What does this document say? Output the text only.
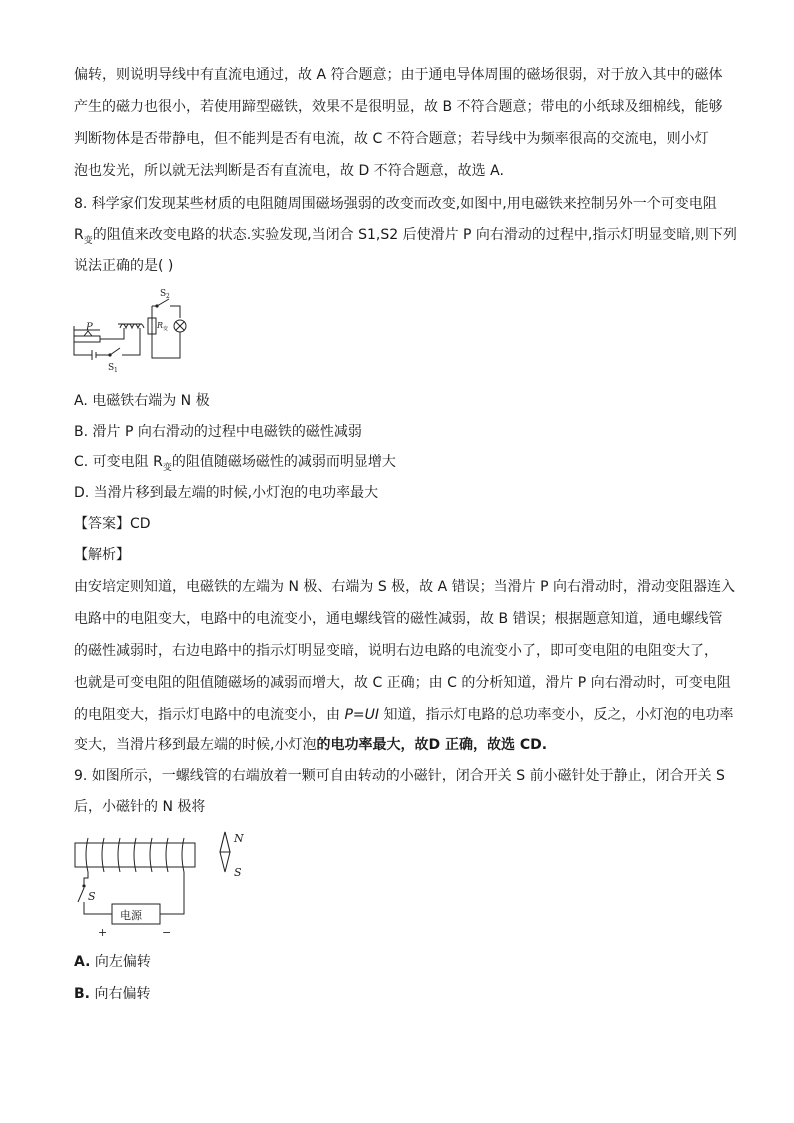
偏转，则说明导线中有直流电通过，故 A 符合题意；由于通电导体周围的磁场很弱，对于放入其中的磁体
产生的磁力也很小，若使用蹄型磁铁，效果不是很明显，故 B 不符合题意；带电的小纸球及细棉线，能够
判断物体是否带静电，但不能判是否有电流，故 C 不符合题意；若导线中为频率很高的交流电，则小灯
泡也发光，所以就无法判断是否有直流电，故 D 不符合题意，故选 A.
8. 科学家们发现某些材质的电阻随周围磁场强弱的改变而改变,如图中,用电磁铁来控制另外一个可变电阻
$R_变$的阻值来改变电路的状态.实验发现,当闭合 S1,S2 后使滑片 P 向右滑动的过程中,指示灯明显变暗,则下列
说法正确的是( )
P
S 2
S 1
R 变
A. 电磁铁右端为 N 极
B. 滑片 P 向右滑动的过程中电磁铁的磁性减弱
C. 可变电阻 $R_变$的阻值随磁场磁性的减弱而明显增大
D. 当滑片移到最左端的时候,小灯泡的电功率最大
【答案】CD
【解析】
由安培定则知道，电磁铁的左端为 N 极、右端为 S 极，故 A 错误；当滑片 P 向右滑动时，滑动变阻器连入
电路中的电阻变大，电路中的电流变小，通电螺线管的磁性减弱，故 B 错误；根据题意知道，通电螺线管
的磁性减弱时，右边电路中的指示灯明显变暗，说明右边电路的电流变小了，即可变电阻的电阻变大了，
也就是可变电阻的阻值随磁场的减弱而增大，故 C 正确；由 C 的分析知道，滑片 P 向右滑动时，可变电阻
的电阻变大，指示灯电路中的电流变小，由 P=UI 知道，指示灯电路的总功率变小，反之，小灯泡的电功率
变大，当滑片移到最左端的时候,小灯泡的电功率最大，故D 正确，故选 CD.
9. 如图所示，一螺线管的右端放着一颗可自由转动的小磁针，闭合开关 S 前小磁针处于静止，闭合开关 S
后，小磁针的 N 极将
N
S
S
电源
+	−
A. 向左偏转
B. 向右偏转
